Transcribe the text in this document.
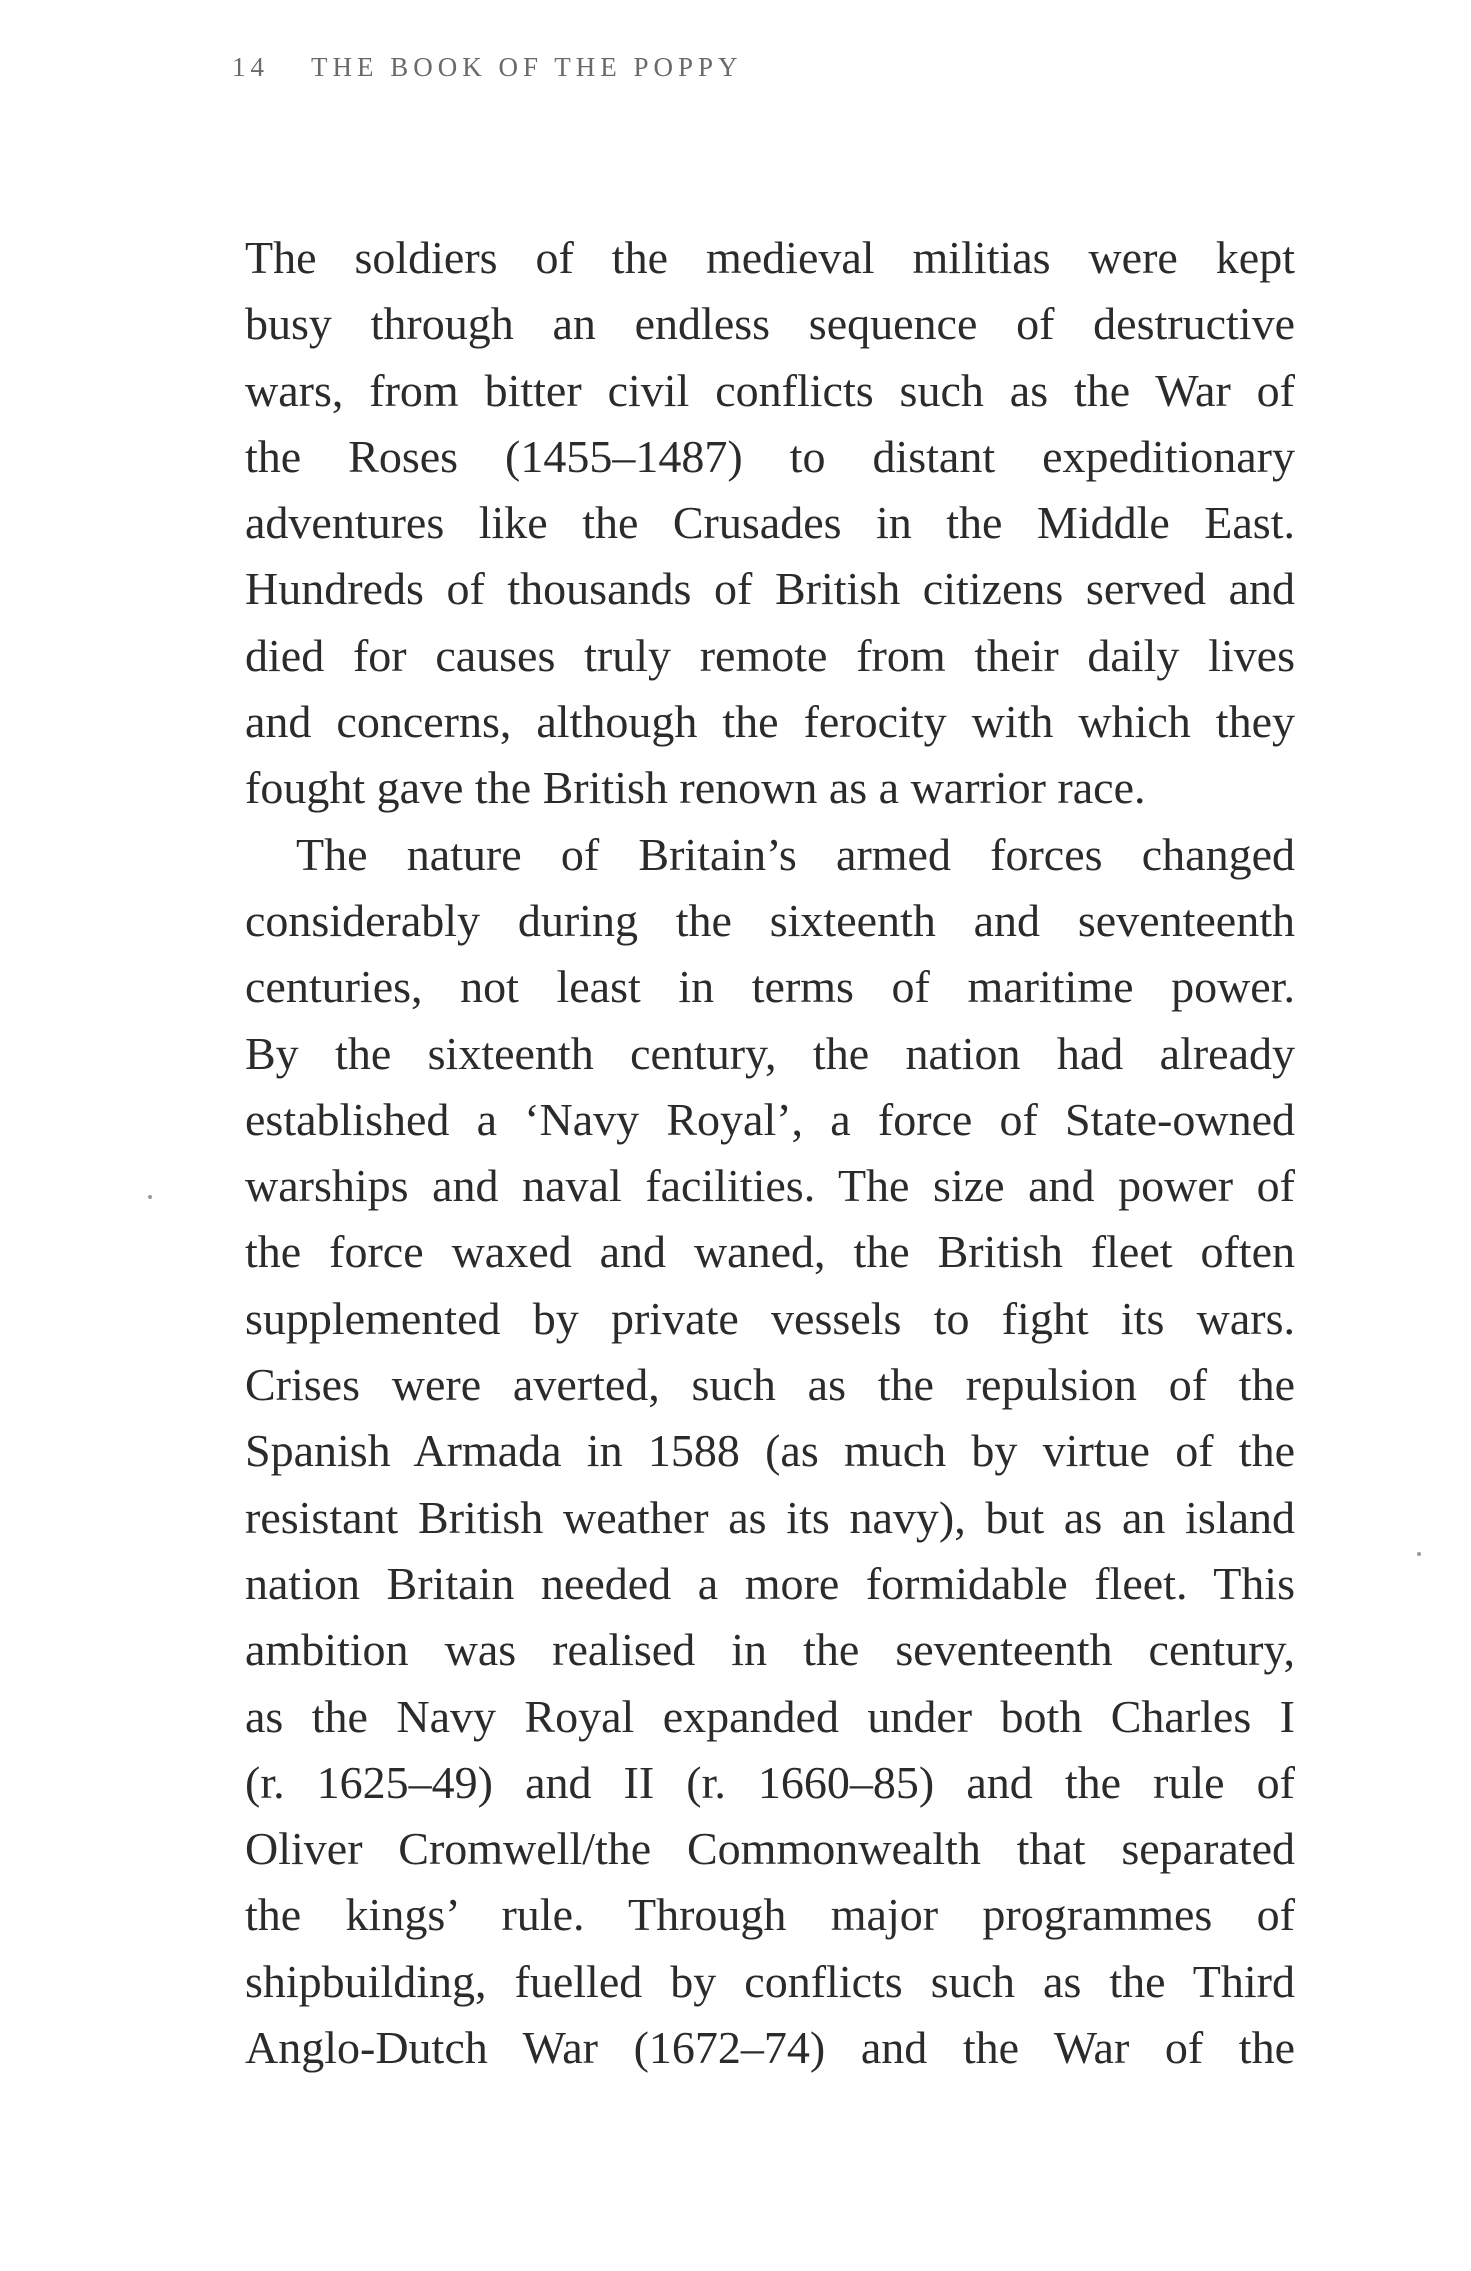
14 THE BOOK OF THE POPPY
The soldiers of the medieval militias were kept
busy through an endless sequence of destructive
wars, from bitter civil conflicts such as the War of
the Roses (1455–1487) to distant expeditionary
adventures like the Crusades in the Middle East.
Hundreds of thousands of British citizens served and
died for causes truly remote from their daily lives
and concerns, although the ferocity with which they
fought gave the British renown as a warrior race.
The nature of Britain’s armed forces changed
considerably during the sixteenth and seventeenth
centuries, not least in terms of maritime power.
By the sixteenth century, the nation had already
established a ‘Navy Royal’, a force of State-owned
warships and naval facilities. The size and power of
the force waxed and waned, the British fleet often
supplemented by private vessels to fight its wars.
Crises were averted, such as the repulsion of the
Spanish Armada in 1588 (as much by virtue of the
resistant British weather as its navy), but as an island
nation Britain needed a more formidable fleet. This
ambition was realised in the seventeenth century,
as the Navy Royal expanded under both Charles I
(r. 1625–49) and II (r. 1660–85) and the rule of
Oliver Cromwell/the Commonwealth that separated
the kings’ rule. Through major programmes of
shipbuilding, fuelled by conflicts such as the Third
Anglo-Dutch War (1672–74) and the War of the
